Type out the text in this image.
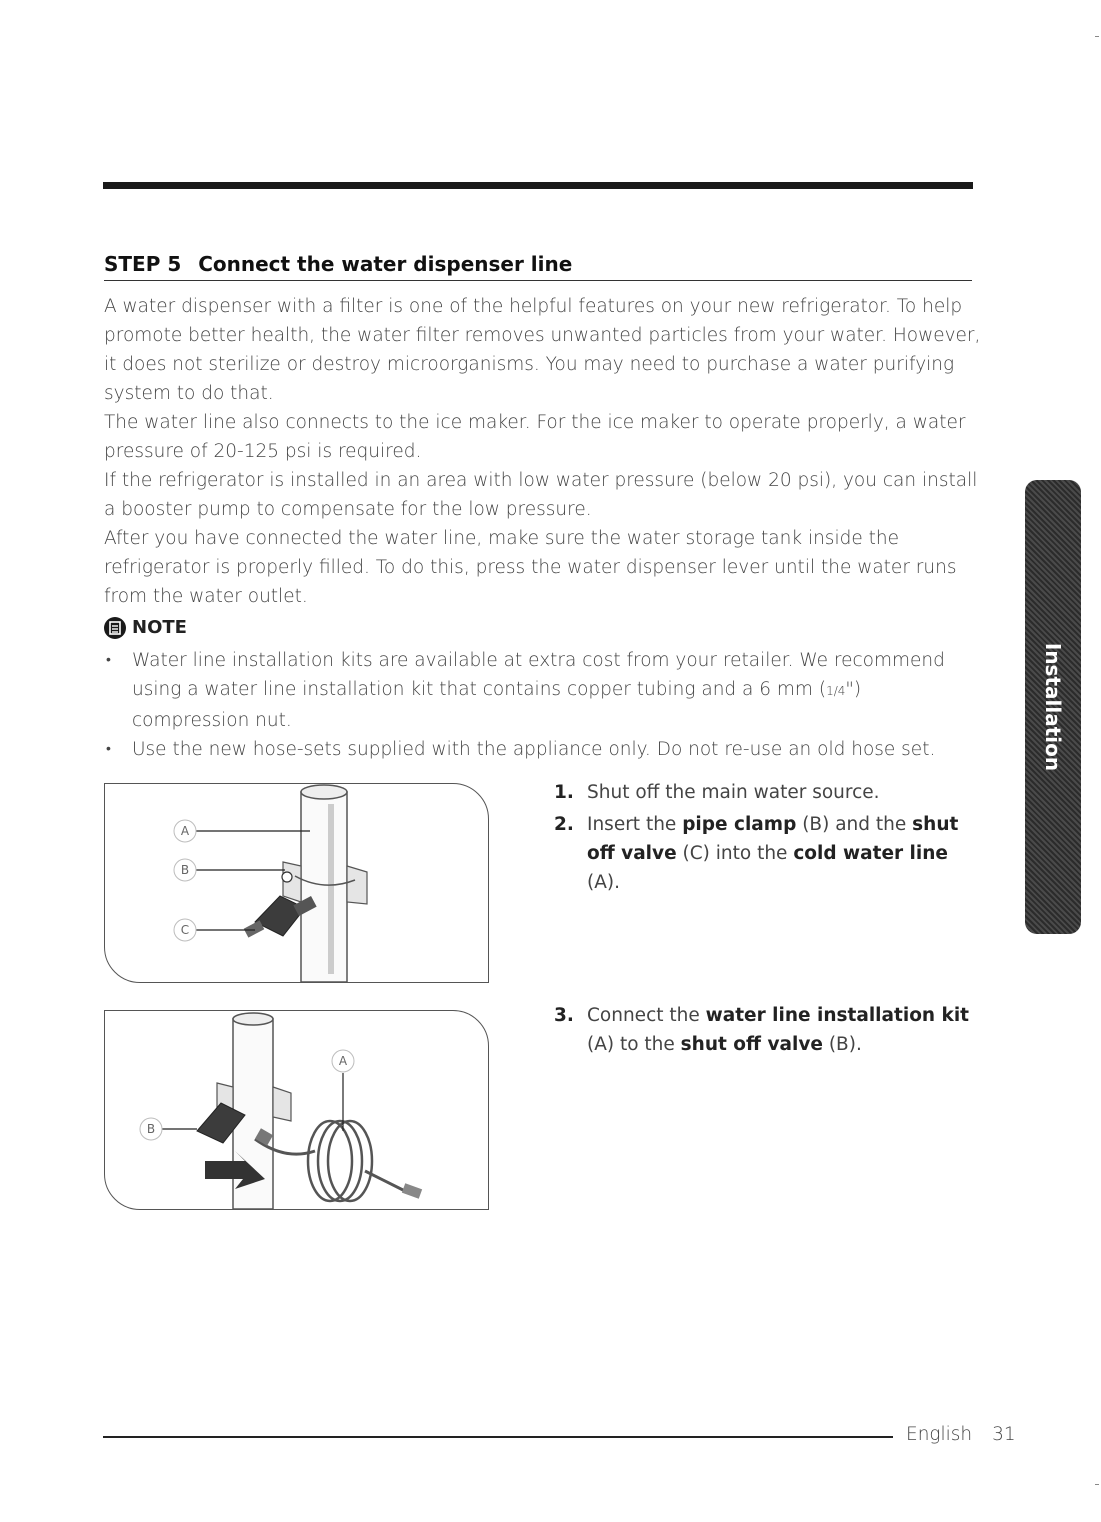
STEP 5 Connect the water dispenser line

A water dispenser with a filter is one of the helpful features on your new refrigerator. To help promote better health, the water filter removes unwanted particles from your water. However, it does not sterilize or destroy microorganisms. You may need to purchase a water purifying system to do that.

The water line also connects to the ice maker. For the ice maker to operate properly, a water pressure of 20-125 psi is required.

If the refrigerator is installed in an area with low water pressure (below 20 psi), you can install a booster pump to compensate for the low pressure.

After you have connected the water line, make sure the water storage tank inside the refrigerator is properly filled. To do this, press the water dispenser lever until the water runs from the water outlet.

NOTE
• Water line installation kits are available at extra cost from your retailer. We recommend using a water line installation kit that contains copper tubing and a 6 mm (1/4") compression nut.
• Use the new hose-sets supplied with the appliance only. Do not re-use an old hose set.
A
B
C
1. Shut off the main water source.
2. Insert the pipe clamp (B) and the shut off valve (C) into the cold water line (A).
A
B
3. Connect the water line installation kit (A) to the shut off valve (B).
Installation
English 31
